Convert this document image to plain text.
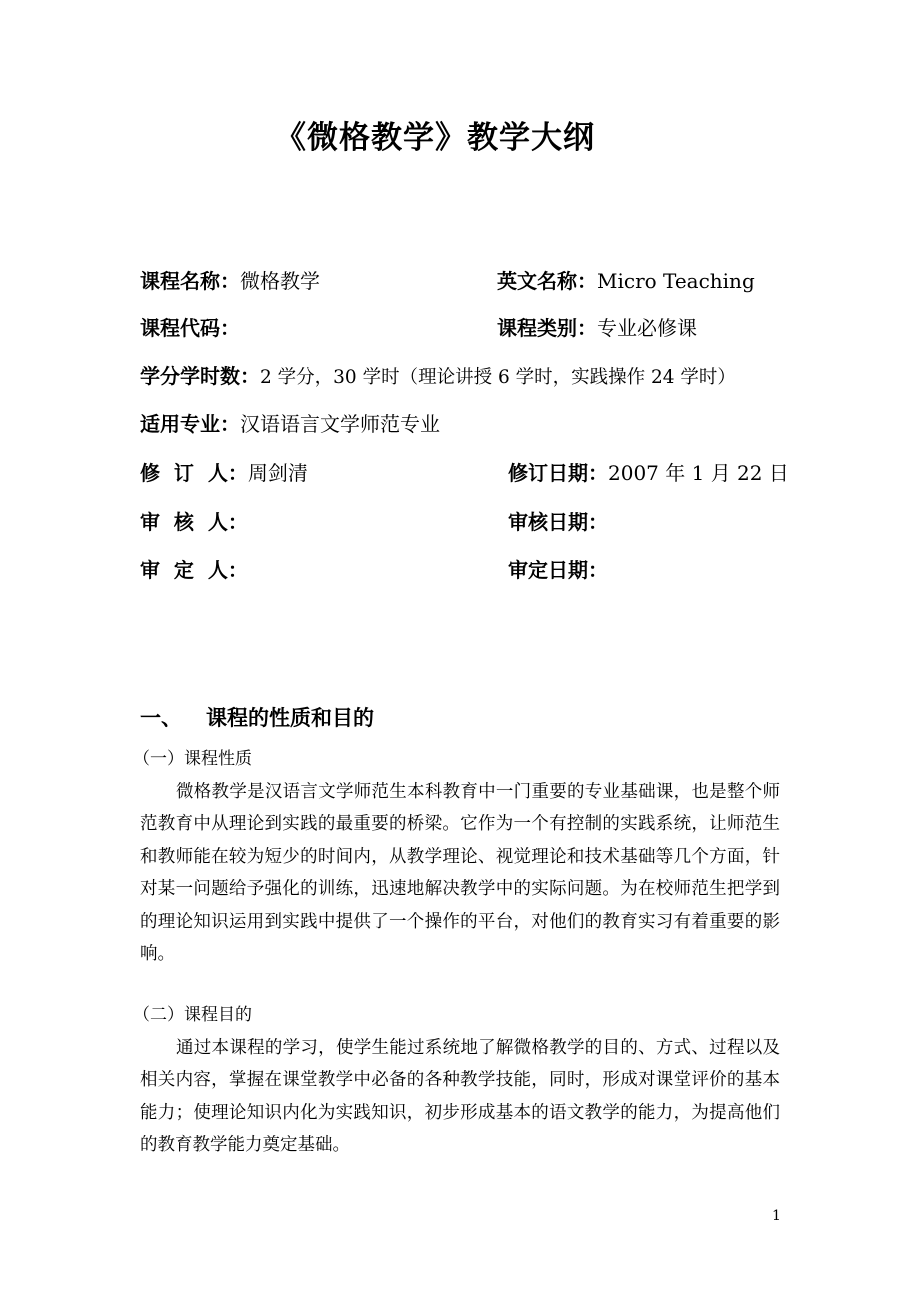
《微格教学》教学大纲
课程名称：微格教学	英文名称：Micro Teaching
课程代码：	课程类别：专业必修课
学分学时数：2 学分，30 学时（理论讲授 6 学时，实践操作 24 学时）
适用专业：汉语语言文学师范专业
修  订  人：周剑清	修订日期：2007 年 1 月 22 日
审  核  人：	审核日期：
审  定  人：	审定日期：
一、 课程的性质和目的
（一）课程性质
微格教学是汉语言文学师范生本科教育中一门重要的专业基础课，也是整个师范教育中从理论到实践的最重要的桥梁。它作为一个有控制的实践系统，让师范生和教师能在较为短少的时间内，从教学理论、视觉理论和技术基础等几个方面，针对某一问题给予强化的训练，迅速地解决教学中的实际问题。为在校师范生把学到的理论知识运用到实践中提供了一个操作的平台，对他们的教育实习有着重要的影响。
（二）课程目的
通过本课程的学习，使学生能过系统地了解微格教学的目的、方式、过程以及相关内容，掌握在课堂教学中必备的各种教学技能，同时，形成对课堂评价的基本能力；使理论知识内化为实践知识，初步形成基本的语文教学的能力，为提高他们的教育教学能力奠定基础。
1
